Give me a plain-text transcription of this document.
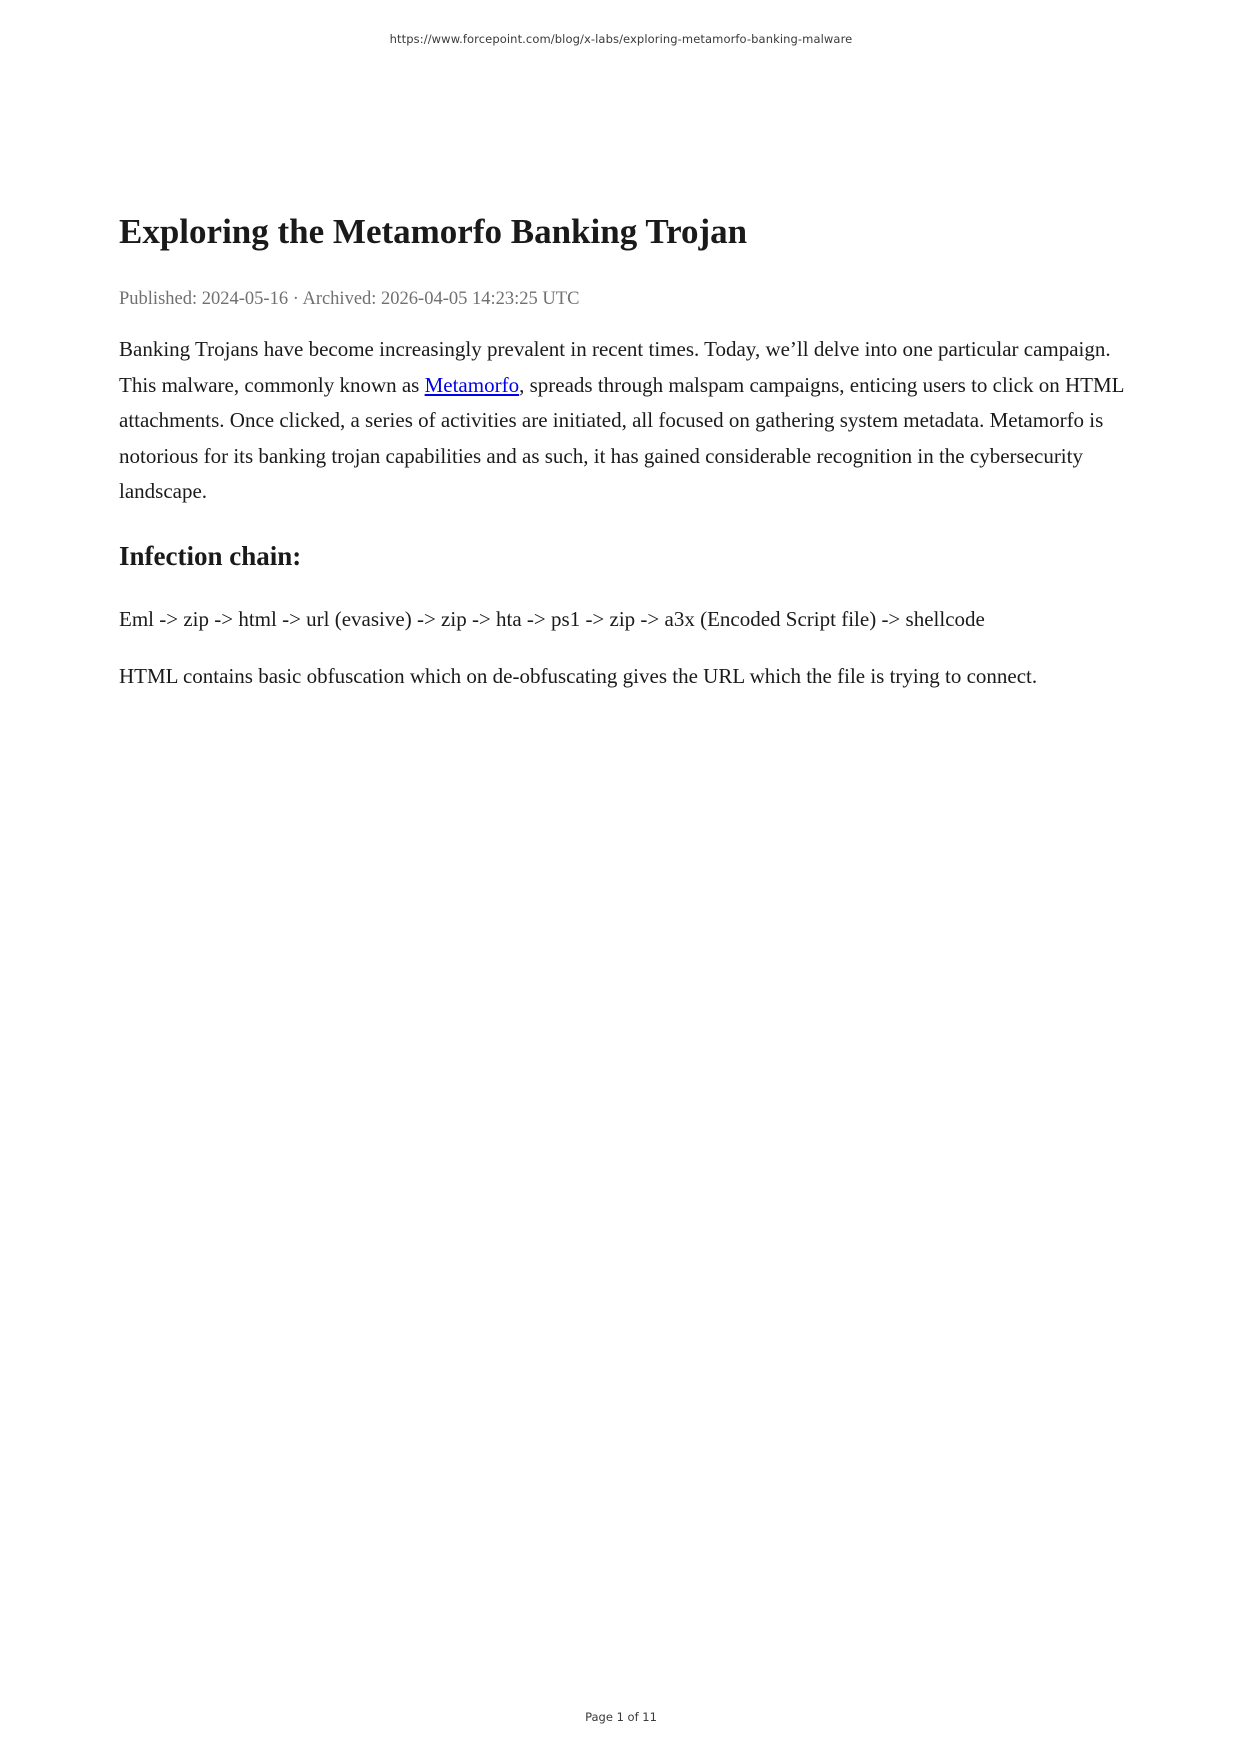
https://www.forcepoint.com/blog/x-labs/exploring-metamorfo-banking-malware
Exploring the Metamorfo Banking Trojan

Published: 2024-05-16 · Archived: 2026-04-05 14:23:25 UTC

Banking Trojans have become increasingly prevalent in recent times. Today, we’ll delve into one particular campaign. This malware, commonly known as Metamorfo, spreads through malspam campaigns, enticing users to click on HTML attachments. Once clicked, a series of activities are initiated, all focused on gathering system metadata. Metamorfo is notorious for its banking trojan capabilities and as such, it has gained considerable recognition in the cybersecurity landscape.

Infection chain:

Eml -> zip -> html -> url (evasive) -> zip -> hta -> ps1 -> zip -> a3x (Encoded Script file) -> shellcode

HTML contains basic obfuscation which on de-obfuscating gives the URL which the file is trying to connect.

Page 1 of 11
